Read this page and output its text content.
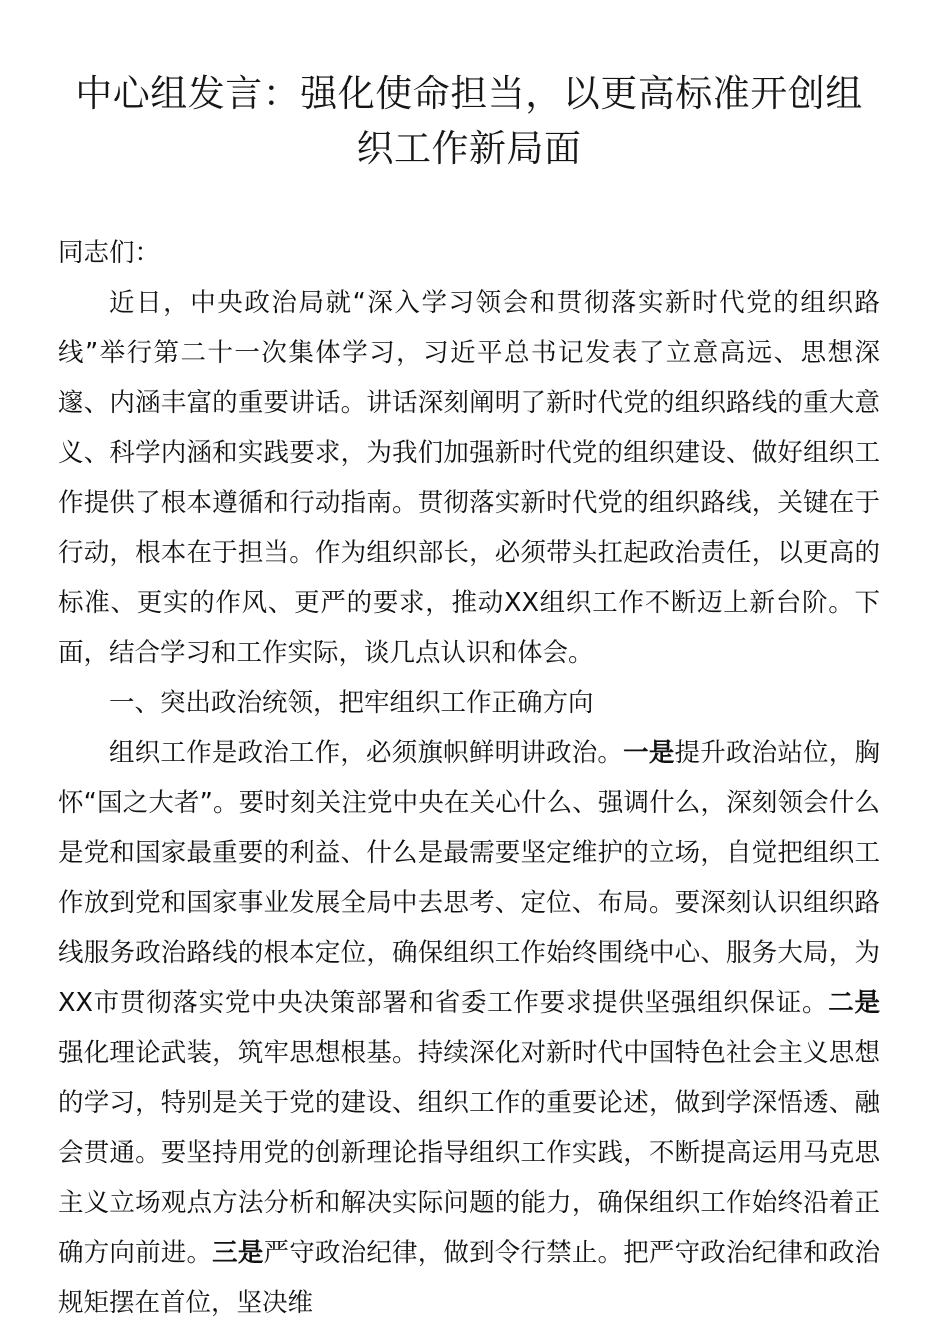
中心组发言：强化使命担当，以更高标准开创组织工作新局面

同志们：

近日，中央政治局就“深入学习领会和贯彻落实新时代党的组织路线”举行第二十一次集体学习，习近平总书记发表了立意高远、思想深邃、内涵丰富的重要讲话。讲话深刻阐明了新时代党的组织路线的重大意义、科学内涵和实践要求，为我们加强新时代党的组织建设、做好组织工作提供了根本遵循和行动指南。贯彻落实新时代党的组织路线，关键在于行动，根本在于担当。作为组织部长，必须带头扛起政治责任，以更高的标准、更实的作风、更严的要求，推动XX组织工作不断迈上新台阶。下面，结合学习和工作实际，谈几点认识和体会。

一、突出政治统领，把牢组织工作正确方向

组织工作是政治工作，必须旗帜鲜明讲政治。一是提升政治站位，胸怀“国之大者”。要时刻关注党中央在关心什么、强调什么，深刻领会什么是党和国家最重要的利益、什么是最需要坚定维护的立场，自觉把组织工作放到党和国家事业发展全局中去思考、定位、布局。要深刻认识组织路线服务政治路线的根本定位，确保组织工作始终围绕中心、服务大局，为XX市贯彻落实党中央决策部署和省委工作要求提供坚强组织保证。二是强化理论武装，筑牢思想根基。持续深化对新时代中国特色社会主义思想的学习，特别是关于党的建设、组织工作的重要论述，做到学深悟透、融会贯通。要坚持用党的创新理论指导组织工作实践，不断提高运用马克思主义立场观点方法分析和解决实际问题的能力，确保组织工作始终沿着正确方向前进。三是严守政治纪律，做到令行禁止。把严守政治纪律和政治规矩摆在首位，坚决维
